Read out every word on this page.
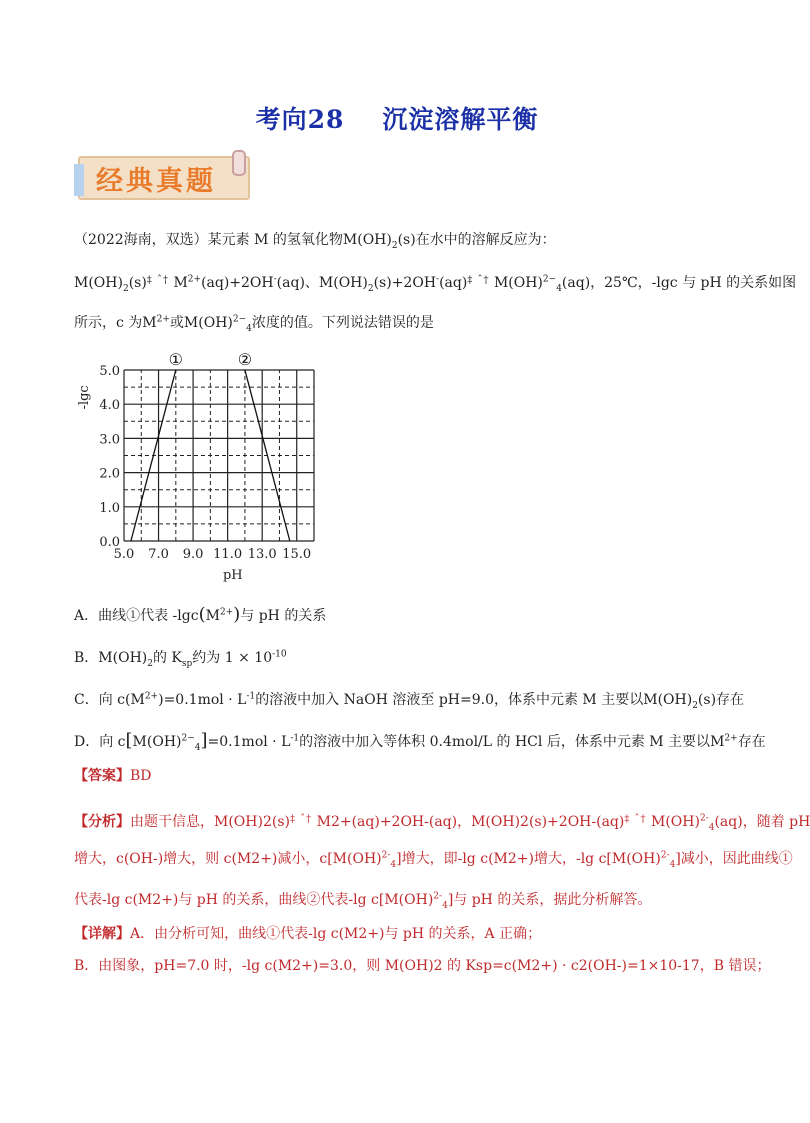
考向28 沉淀溶解平衡
经典真题
（2022海南，双选）某元素 M 的氢氧化物$M(OH)_2(s)$在水中的溶解反应为：
$M(OH)_2(s)^{\ddagger ˆ\dagger}$ $M^{2+}(aq)+2OH^-(aq)$、$M(OH)_2(s)+2OH^-(aq)^{\ddagger ˆ\dagger}$ M(OH)$^{2-}_4$(aq)，25℃，-lgc 与 pH 的关系如图
所示，c 为$M^{2+}$或M(OH)$^{2-}_4$浓度的值。下列说法错误的是
5.0 7.0 9.0 11.0 13.0 15.0
0.0
1.0
2.0
3.0
4.0
5.0
pH
-lgc
①	②
A．曲线①代表 $-\lg c(M^{2+})$与 pH 的关系
B．$M(OH)_2$的 $K_{sp}$约为 $1 \times 10^{-10}$
C．向 $c(M^{2+})=0.1mol \cdot L^{-1}$的溶液中加入 NaOH 溶液至 pH=9.0，体系中元素 M 主要以$M(OH)_2(s)$存在
D．向 $c[M(OH)^{2-}_4]=0.1mol \cdot L^{-1}$的溶液中加入等体积 0.4mol/L 的 HCl 后，体系中元素 M 主要以$M^{2+}$存在
【答案】BD
【分析】由题干信息，$M(OH)2(s)^{\ddagger ˆ\dagger}$ M2+(aq)+2OH-(aq)，M(OH)2(s)+2OH-(aq)$^{\ddagger ˆ\dagger}$ M(OH)$^{2-}_4$(aq)，随着 pH
增大，c(OH-)增大，则 c(M2+)减小，c[M(OH)$^{2-}_4$]增大，即-lg c(M2+)增大，-lg c[M(OH)$^{2-}_4$]减小，因此曲线①
代表-lg c(M2+)与 pH 的关系，曲线②代表-lg c[M(OH)$^{2-}_4$]与 pH 的关系，据此分析解答。
【详解】A．由分析可知，曲线①代表-lg c(M2+)与 pH 的关系，A 正确；
B．由图象，pH=7.0 时，-lg c(M2+)=3.0，则 M(OH)2 的 Ksp=c(M2+) · c2(OH-)=1×10-17，B 错误；
